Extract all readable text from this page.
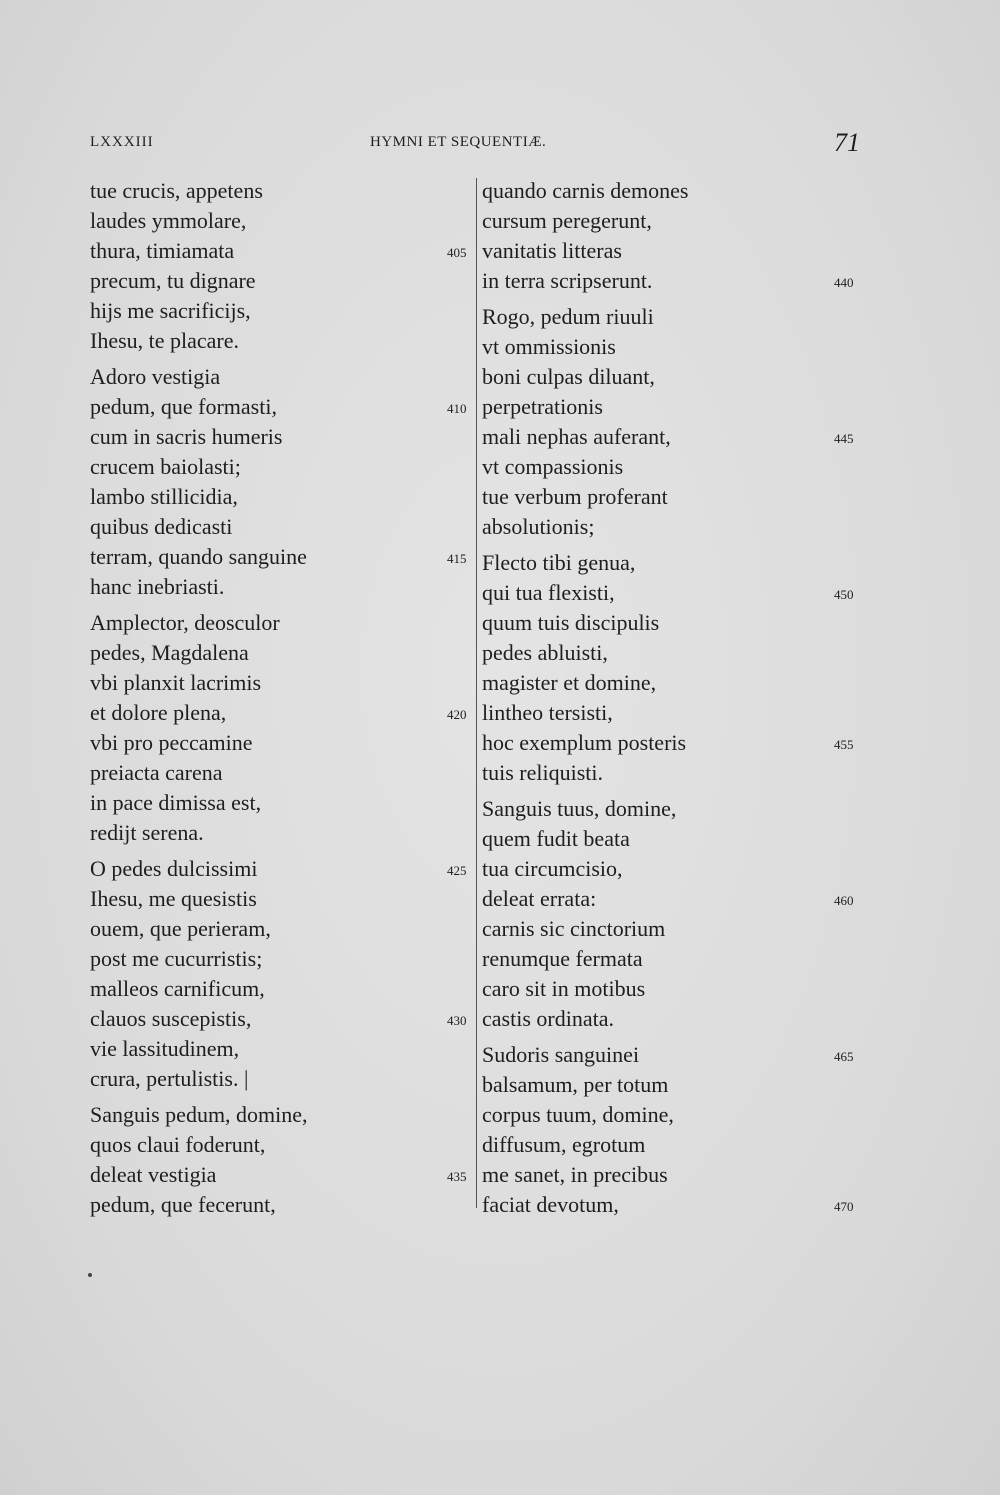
LXXXIII	HYMNI ET SEQUENTIÆ.	71
tue crucis, appetens
laudes ymmolare,
thura, timiamata	405
precum, tu dignare
hijs me sacrificijs,
Ihesu, te placare.
Adoro vestigia
pedum, que formasti,	410
cum in sacris humeris
crucem baiolasti;
lambo stillicidia,
quibus dedicasti
terram, quando sanguine	415
hanc inebriasti.
Amplector, deosculor
pedes, Magdalena
vbi planxit lacrimis
et dolore plena,	420
vbi pro peccamine
preiacta carena
in pace dimissa est,
redijt serena.
O pedes dulcissimi	425
Ihesu, me quesistis
ouem, que perieram,
post me cucurristis;
malleos carnificum,
clauos suscepistis,	430
vie lassitudinem,
crura, pertulistis. |
Sanguis pedum, domine,
quos claui foderunt,
deleat vestigia	435
pedum, que fecerunt,
quando carnis demones
cursum peregerunt,
vanitatis litteras
in terra scripserunt.	440
Rogo, pedum riuuli
vt ommissionis
boni culpas diluant,
perpetrationis
mali nephas auferant,	445
vt compassionis
tue verbum proferant
absolutionis;
Flecto tibi genua,
qui tua flexisti,	450
quum tuis discipulis
pedes abluisti,
magister et domine,
lintheo tersisti,
hoc exemplum posteris	455
tuis reliquisti.
Sanguis tuus, domine,
quem fudit beata
tua circumcisio,
deleat errata:	460
carnis sic cinctorium
renumque fermata
caro sit in motibus
castis ordinata.
Sudoris sanguinei	465
balsamum, per totum
corpus tuum, domine,
diffusum, egrotum
me sanet, in precibus
faciat devotum,	470
